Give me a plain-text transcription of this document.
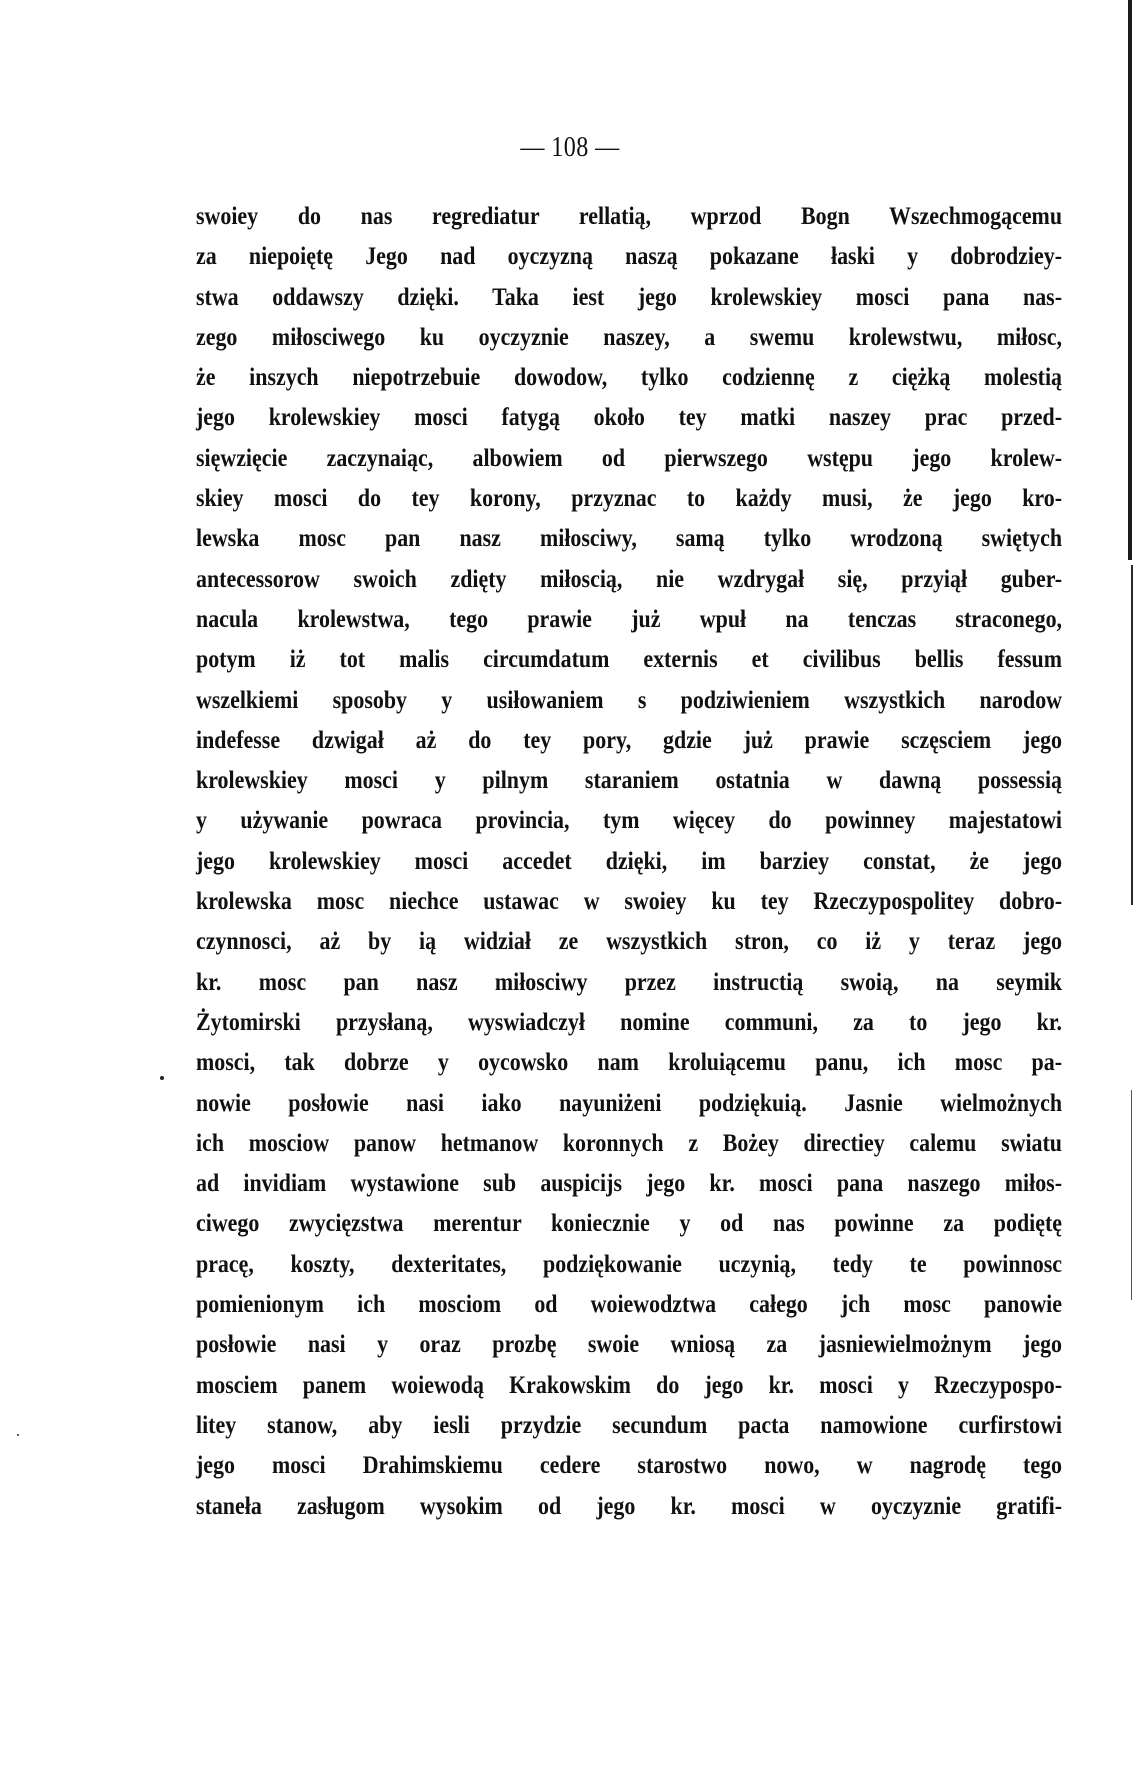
— 108 —
swoiey do nas regrediatur rellatią, wprzod Bogn Wszechmogącemu
za niepoiętę Jego nad oyczyzną naszą pokazane łaski y dobrodziey-
stwa oddawszy dzięki. Taka iest jego krolewskiey mosci pana nas-
zego miłosciwego ku oyczyznie naszey, a swemu krolewstwu, miłosc,
że inszych niepotrzebuie dowodow, tylko codziennę z ciężką molestią
jego krolewskiey mosci fatygą około tey matki naszey prac przed-
sięwzięcie zaczynaiąc, albowiem od pierwszego wstępu jego krolew-
skiey mosci do tey korony, przyznac to każdy musi, że jego kro-
lewska mosc pan nasz miłosciwy, samą tylko wrodzoną swiętych
antecessorow swoich zdięty miłoscią, nie wzdrygał się, przyiął guber-
nacula krolewstwa, tego prawie już wpuł na tenczas straconego,
potym iż tot malis circumdatum externis et civilibus bellis fessum
wszelkiemi sposoby y usiłowaniem s podziwieniem wszystkich narodow
indefesse dzwigał aż do tey pory, gdzie już prawie sczęsciem jego
krolewskiey mosci y pilnym staraniem ostatnia w dawną possessią
y używanie powraca provincia, tym więcey do powinney majestatowi
jego krolewskiey mosci accedet dzięki, im barziey constat, że jego
krolewska mosc niechce ustawac w swoiey ku tey Rzeczypospolitey dobro-
czynnosci, aż by ią widział ze wszystkich stron, co iż y teraz jego
kr. mosc pan nasz miłosciwy przez instructią swoią, na seymik
Żytomirski przysłaną, wyswiadczył nomine communi, za to jego kr.
mosci, tak dobrze y oycowsko nam kroluiącemu panu, ich mosc pa-
nowie posłowie nasi iako nayuniżeni podziękuią. Jasnie wielmożnych
ich mosciow panow hetmanow koronnych z Bożey directiey calemu swiatu
ad invidiam wystawione sub auspicijs jego kr. mosci pana naszego miłos-
ciwego zwycięzstwa merentur koniecznie y od nas powinne za podiętę
pracę, koszty, dexteritates, podziękowanie uczynią, tedy te powinnosc
pomienionym ich mosciom od woiewodztwa całego jch mosc panowie
posłowie nasi y oraz prozbę swoie wniosą za jasniewielmożnym jego
mosciem panem woiewodą Krakowskim do jego kr. mosci y Rzeczypospo-
litey stanow, aby iesli przydzie secundum pacta namowione curfirstowi
jego mosci Drahimskiemu cedere starostwo nowo, w nagrodę tego
staneła zasługom wysokim od jego kr. mosci w oyczyznie gratifi-
